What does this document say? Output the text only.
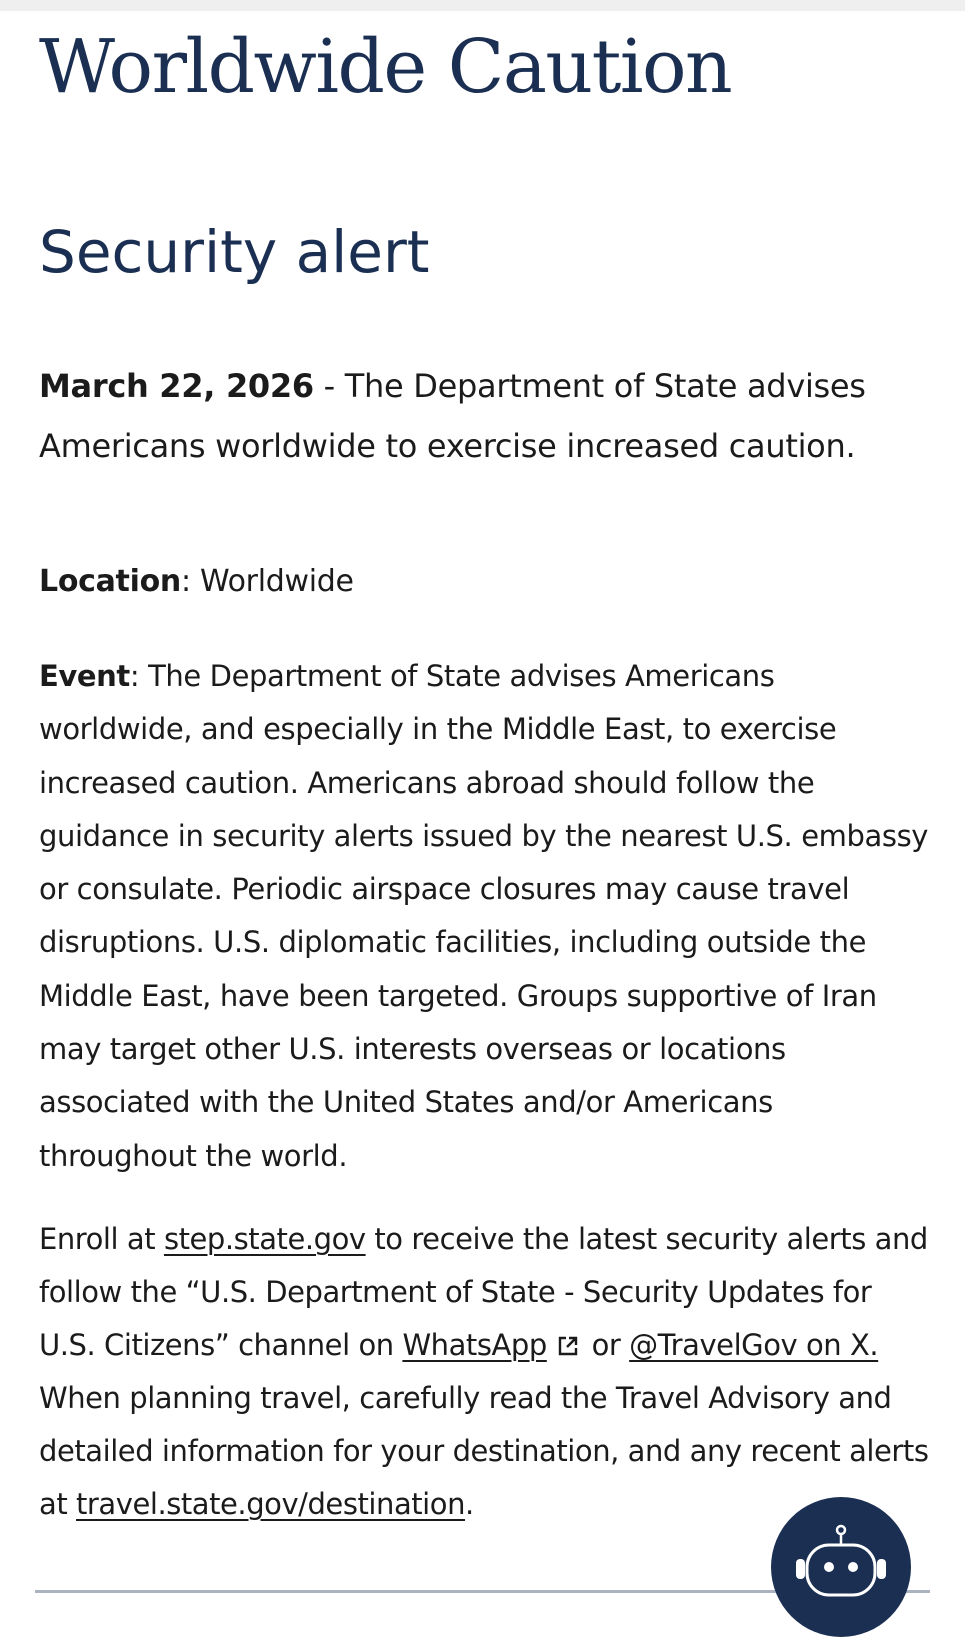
Worldwide Caution
Security alert

March 22, 2026 - The Department of State advises Americans worldwide to exercise increased caution.

Location: Worldwide

Event: The Department of State advises Americans worldwide, and especially in the Middle East, to exercise increased caution. Americans abroad should follow the guidance in security alerts issued by the nearest U.S. embassy or consulate. Periodic airspace closures may cause travel disruptions. U.S. diplomatic facilities, including outside the Middle East, have been targeted. Groups supportive of Iran may target other U.S. interests overseas or locations associated with the United States and/or Americans throughout the world.

Enroll at step.state.gov to receive the latest security alerts and follow the “U.S. Department of State - Security Updates for U.S. Citizens” channel on WhatsApp or @TravelGov on X. When planning travel, carefully read the Travel Advisory and detailed information for your destination, and any recent alerts at travel.state.gov/destination.
